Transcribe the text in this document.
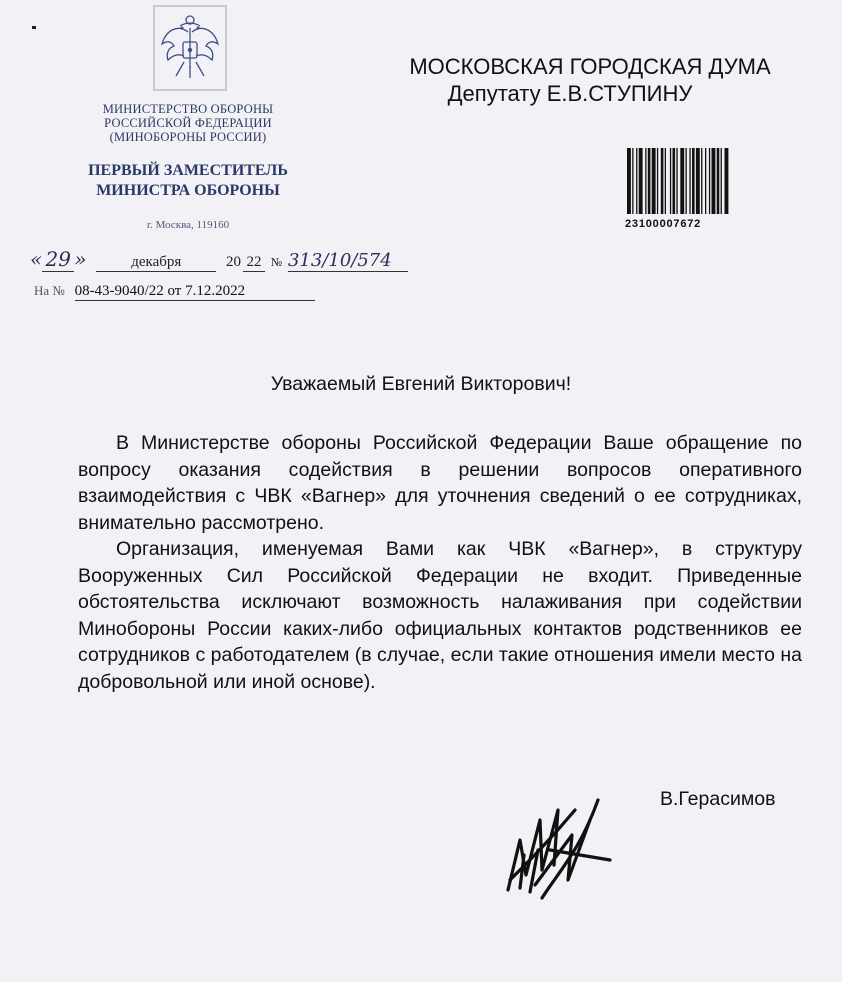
МИНИСТЕРСТВО ОБОРОНЫ
РОССИЙСКОЙ ФЕДЕРАЦИИ
(МИНОБОРОНЫ РОССИИ)
ПЕРВЫЙ ЗАМЕСТИТЕЛЬ
МИНИСТРА ОБОРОНЫ
г. Москва, 119160
МОСКОВСКАЯ ГОРОДСКАЯ ДУМА
Депутату Е.В.СТУПИНУ
23100007672
« 29 »	декабря	20 22 № 313/10/574
На № 08-43-9040/22 от 7.12.2022
Уважаемый Евгений Викторович!

В Министерстве обороны Российской Федерации Ваше обращение по вопросу оказания содействия в решении вопросов оперативного взаимодействия с ЧВК «Вагнер» для уточнения сведений о ее сотрудниках, внимательно рассмотрено.

Организация, именуемая Вами как ЧВК «Вагнер», в структуру Вооруженных Сил Российской Федерации не входит. Приведенные обстоятельства исключают возможность налаживания при содействии Минобороны России каких-либо официальных контактов родственников ее сотрудников с работодателем (в случае, если такие отношения имели место на добровольной или иной основе).

В.Герасимов
